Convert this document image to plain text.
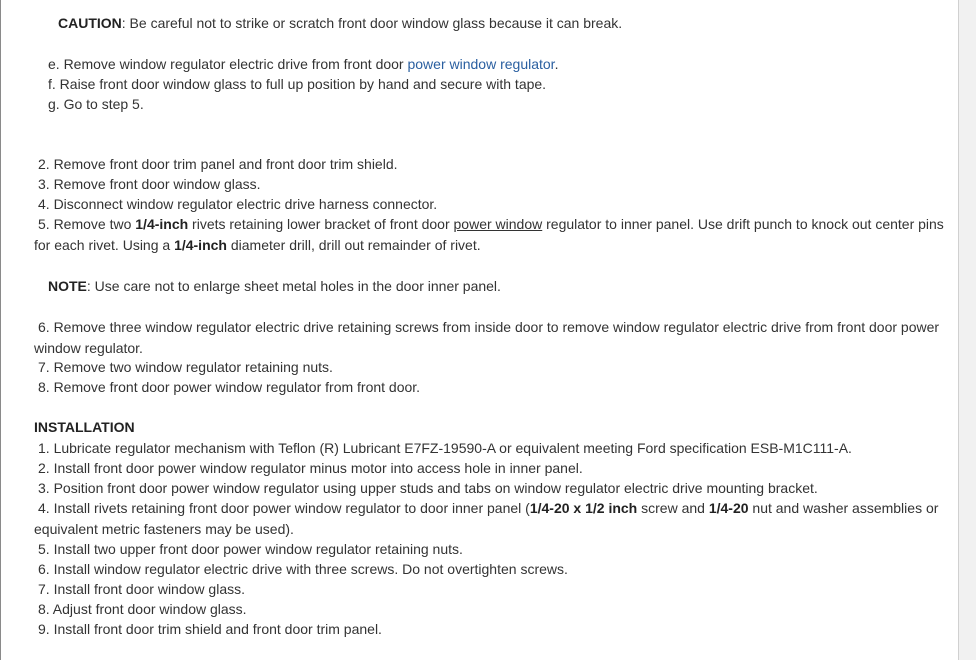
CAUTION: Be careful not to strike or scratch front door window glass because it can break.
e. Remove window regulator electric drive from front door power window regulator.
f. Raise front door window glass to full up position by hand and secure with tape.
g. Go to step 5.
2. Remove front door trim panel and front door trim shield.
3. Remove front door window glass.
4. Disconnect window regulator electric drive harness connector.
5. Remove two 1/4-inch rivets retaining lower bracket of front door power window regulator to inner panel. Use drift punch to knock out center pins for each rivet. Using a 1/4-inch diameter drill, drill out remainder of rivet.
NOTE: Use care not to enlarge sheet metal holes in the door inner panel.
6. Remove three window regulator electric drive retaining screws from inside door to remove window regulator electric drive from front door power window regulator.
7. Remove two window regulator retaining nuts.
8. Remove front door power window regulator from front door.
INSTALLATION
1. Lubricate regulator mechanism with Teflon (R) Lubricant E7FZ-19590-A or equivalent meeting Ford specification ESB-M1C111-A.
2. Install front door power window regulator minus motor into access hole in inner panel.
3. Position front door power window regulator using upper studs and tabs on window regulator electric drive mounting bracket.
4. Install rivets retaining front door power window regulator to door inner panel (1/4-20 x 1/2 inch screw and 1/4-20 nut and washer assemblies or equivalent metric fasteners may be used).
5. Install two upper front door power window regulator retaining nuts.
6. Install window regulator electric drive with three screws. Do not overtighten screws.
7. Install front door window glass.
8. Adjust front door window glass.
9. Install front door trim shield and front door trim panel.
